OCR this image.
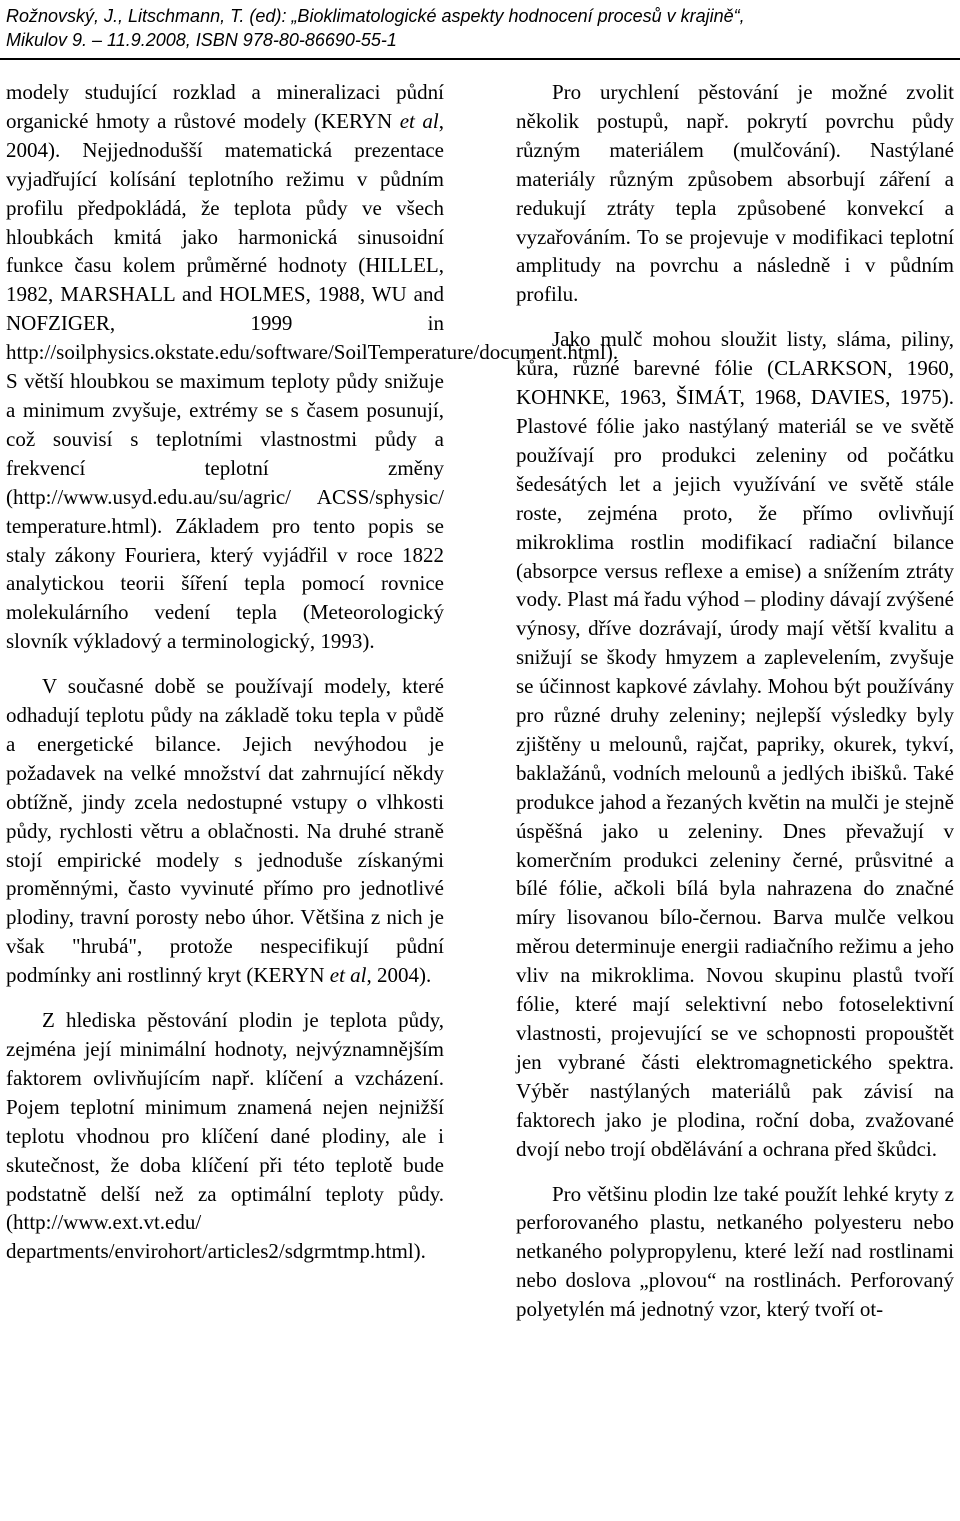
Rožnovský, J., Litschmann, T. (ed): „Bioklimatologické aspekty hodnocení procesů v krajině“,
Mikulov 9. – 11.9.2008, ISBN 978-80-86690-55-1

modely studující rozklad a mineralizaci půdní organické hmoty a růstové modely (KERYN et al, 2004). Nejjednodušší matematická prezentace vyjadřující kolísání teplotního režimu v půdním profilu předpokládá, že teplota půdy ve všech hloubkách kmitá jako harmonická sinusoidní funkce času kolem průměrné hodnoty (HILLEL, 1982, MARSHALL and HOLMES, 1988, WU and NOFZIGER, 1999 in http://soilphysics.okstate.edu/software/SoilTemperature/document.html). S větší hloubkou se maximum teploty půdy snižuje a minimum zvyšuje, extrémy se s časem posunují, což souvisí s teplotními vlastnostmi půdy a frekvencí teplotní změny (http://www.usyd.edu.au/su/agric/ ACSS/sphysic/ temperature.html). Základem pro tento popis se staly zákony Fouriera, který vyjádřil v roce 1822 analytickou teorii šíření tepla pomocí rovnice molekulárního vedení tepla (Meteorologický slovník výkladový a terminologický, 1993).

V současné době se používají modely, které odhadují teplotu půdy na základě toku tepla v půdě a energetické bilance. Jejich nevýhodou je požadavek na velké množství dat zahrnující někdy obtížně, jindy zcela nedostupné vstupy o vlhkosti půdy, rychlosti větru a oblačnosti. Na druhé straně stojí empirické modely s jednoduše získanými proměnnými, často vyvinuté přímo pro jednotlivé plodiny, travní porosty nebo úhor. Většina z nich je však "hrubá", protože nespecifikují půdní podmínky ani rostlinný kryt (KERYN et al, 2004).

Z hlediska pěstování plodin je teplota půdy, zejména její minimální hodnoty, nejvýznamnějším faktorem ovlivňujícím např. klíčení a vzcházení. Pojem teplotní minimum znamená nejen nejnižší teplotu vhodnou pro klíčení dané plodiny, ale i skutečnost, že doba klíčení při této teplotě bude podstatně delší než za optimální teploty půdy. (http://www.ext.vt.edu/ departments/envirohort/articles2/sdgrmtmp.html).

Pro urychlení pěstování je možné zvolit několik postupů, např. pokrytí povrchu půdy různým materiálem (mulčování). Nastýlané materiály různým způsobem absorbují záření a redukují ztráty tepla způsobené konvekcí a vyzařováním. To se projevuje v modifikaci teplotní amplitudy na povrchu a následně i v půdním profilu.

Jako mulč mohou sloužit listy, sláma, piliny, kůra, různé barevné fólie (CLARKSON, 1960, KOHNKE, 1963, ŠIMÁT, 1968, DAVIES, 1975). Plastové fólie jako nastýlaný materiál se ve světě používají pro produkci zeleniny od počátku šedesátých let a jejich využívání ve světě stále roste, zejména proto, že přímo ovlivňují mikroklima rostlin modifikací radiační bilance (absorpce versus reflexe a emise) a snížením ztráty vody. Plast má řadu výhod – plodiny dávají zvýšené výnosy, dříve dozrávají, úrody mají větší kvalitu a snižují se škody hmyzem a zaplevelením, zvyšuje se účinnost kapkové závlahy. Mohou být používány pro různé druhy zeleniny; nejlepší výsledky byly zjištěny u melounů, rajčat, papriky, okurek, tykví, baklažánů, vodních melounů a jedlých ibišků. Také produkce jahod a řezaných květin na mulči je stejně úspěšná jako u zeleniny. Dnes převažují v komerčním produkci zeleniny černé, průsvitné a bílé fólie, ačkoli bílá byla nahrazena do značné míry lisovanou bílo-černou. Barva mulče velkou měrou determinuje energii radiačního režimu a jeho vliv na mikroklima. Novou skupinu plastů tvoří fólie, které mají selektivní nebo fotoselektivní vlastnosti, projevující se ve schopnosti propouštět jen vybrané části elektromagnetického spektra. Výběr nastýlaných materiálů pak závisí na faktorech jako je plodina, roční doba, zvažované dvojí nebo trojí obdělávání a ochrana před škůdci.

Pro většinu plodin lze také použít lehké kryty z perforovaného plastu, netkaného polyesteru nebo netkaného polypropylenu, které leží nad rostlinami nebo doslova „plovou“ na rostlinách. Perforovaný polyetylén má jednotný vzor, který tvoří ot-
